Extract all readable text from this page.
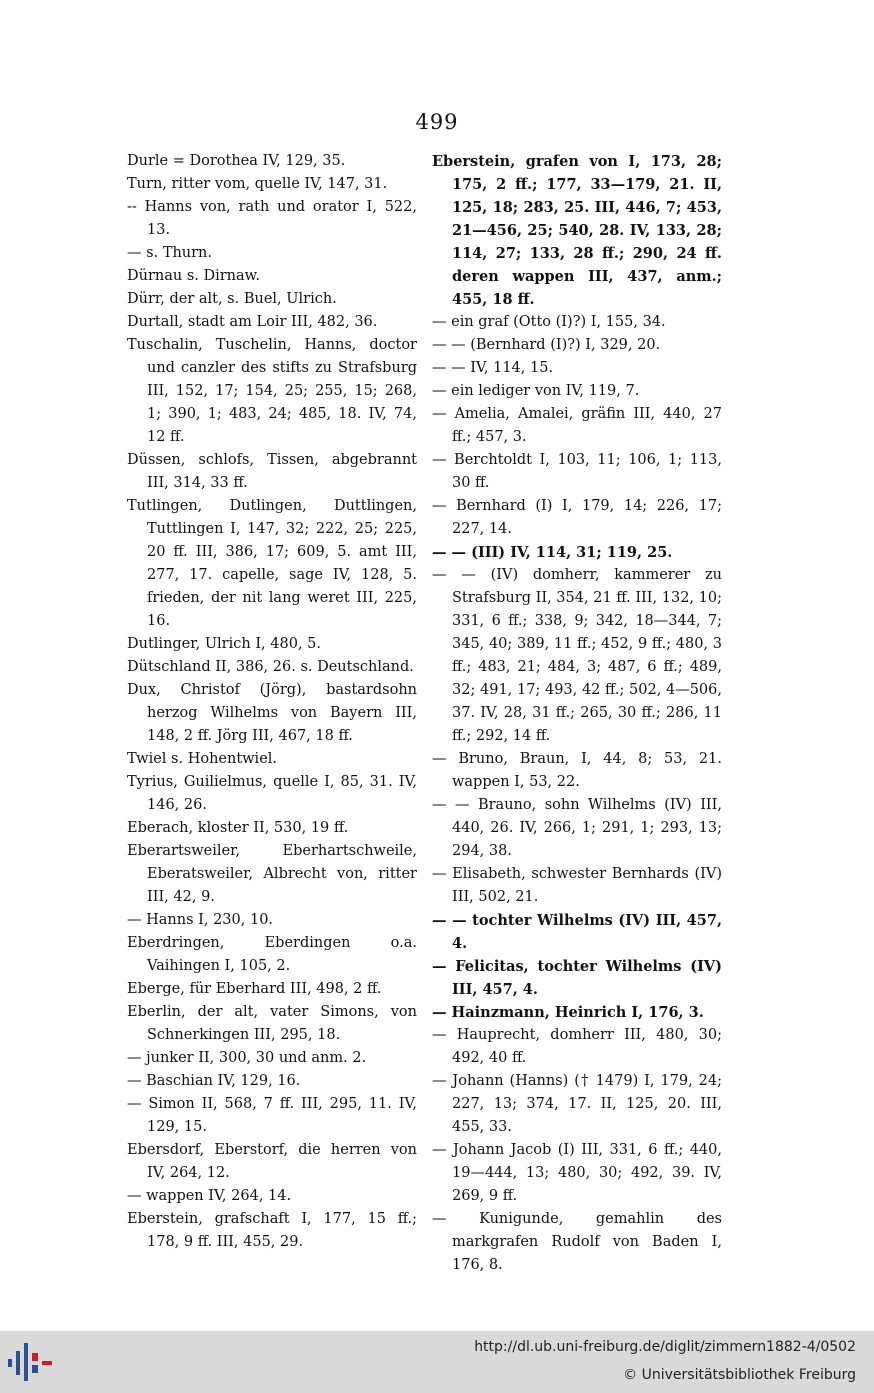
499
Durle = Dorothea IV, 129, 35.
Turn, ritter vom, quelle IV, 147, 31.
-- Hanns von, rath und orator I, 522, 13.
— s. Thurn.
Dürnau s. Dirnaw.
Dürr, der alt, s. Buel, Ulrich.
Durtall, stadt am Loir III, 482, 36.
Tuschalin, Tuschelin, Hanns, doctor und canzler des stifts zu Strafsburg III, 152, 17; 154, 25; 255, 15; 268, 1; 390, 1; 483, 24; 485, 18. IV, 74, 12 ff.
Düssen, schlofs, Tissen, abgebrannt III, 314, 33 ff.
Tutlingen, Dutlingen, Duttlingen, Tuttlingen I, 147, 32; 222, 25; 225, 20 ff. III, 386, 17; 609, 5. amt III, 277, 17. capelle, sage IV, 128, 5. frieden, der nit lang weret III, 225, 16.
Dutlinger, Ulrich I, 480, 5.
Dütschland II, 386, 26. s. Deutschland.
Dux, Christof (Jörg), bastardsohn herzog Wilhelms von Bayern III, 148, 2 ff. Jörg III, 467, 18 ff.
Twiel s. Hohentwiel.
Tyrius, Guilielmus, quelle I, 85, 31. IV, 146, 26.
Eberach, kloster II, 530, 19 ff.
Eberartsweiler, Eberhartschweile, Eberatsweiler, Albrecht von, ritter III, 42, 9.
— Hanns I, 230, 10.
Eberdringen, Eberdingen o.a. Vaihingen I, 105, 2.
Eberge, für Eberhard III, 498, 2 ff.
Eberlin, der alt, vater Simons, von Schnerkingen III, 295, 18.
— junker II, 300, 30 und anm. 2.
— Baschian IV, 129, 16.
— Simon II, 568, 7 ff. III, 295, 11. IV, 129, 15.
Ebersdorf, Eberstorf, die herren von IV, 264, 12.
— wappen IV, 264, 14.
Eberstein, grafschaft I, 177, 15 ff.; 178, 9 ff. III, 455, 29.
Eberstein, grafen von I, 173, 28; 175, 2 ff.; 177, 33—179, 21. II, 125, 18; 283, 25. III, 446, 7; 453, 21—456, 25; 540, 28. IV, 133, 28; 114, 27; 133, 28 ff.; 290, 24 ff. deren wappen III, 437, anm.; 455, 18 ff.
— ein graf (Otto (I)?) I, 155, 34.
— — (Bernhard (I)?) I, 329, 20.
— — IV, 114, 15.
— ein lediger von IV, 119, 7.
— Amelia, Amalei, gräfin III, 440, 27 ff.; 457, 3.
— Berchtoldt I, 103, 11; 106, 1; 113, 30 ff.
— Bernhard (I) I, 179, 14; 226, 17; 227, 14.
— — (III) IV, 114, 31; 119, 25.
— — (IV) domherr, kammerer zu Strafsburg II, 354, 21 ff. III, 132, 10; 331, 6 ff.; 338, 9; 342, 18—344, 7; 345, 40; 389, 11 ff.; 452, 9 ff.; 480, 3 ff.; 483, 21; 484, 3; 487, 6 ff.; 489, 32; 491, 17; 493, 42 ff.; 502, 4—506, 37. IV, 28, 31 ff.; 265, 30 ff.; 286, 11 ff.; 292, 14 ff.
— Bruno, Braun, I, 44, 8; 53, 21. wappen I, 53, 22.
— — Brauno, sohn Wilhelms (IV) III, 440, 26. IV, 266, 1; 291, 1; 293, 13; 294, 38.
— Elisabeth, schwester Bernhards (IV) III, 502, 21.
— — tochter Wilhelms (IV) III, 457, 4.
— Felicitas, tochter Wilhelms (IV) III, 457, 4.
— Hainzmann, Heinrich I, 176, 3.
— Hauprecht, domherr III, 480, 30; 492, 40 ff.
— Johann (Hanns) († 1479) I, 179, 24; 227, 13; 374, 17. II, 125, 20. III, 455, 33.
— Johann Jacob (I) III, 331, 6 ff.; 440, 19—444, 13; 480, 30; 492, 39. IV, 269, 9 ff.
— Kunigunde, gemahlin des markgrafen Rudolf von Baden I, 176, 8.
http://dl.ub.uni-freiburg.de/diglit/zimmern1882-4/0502
© Universitätsbibliothek Freiburg
